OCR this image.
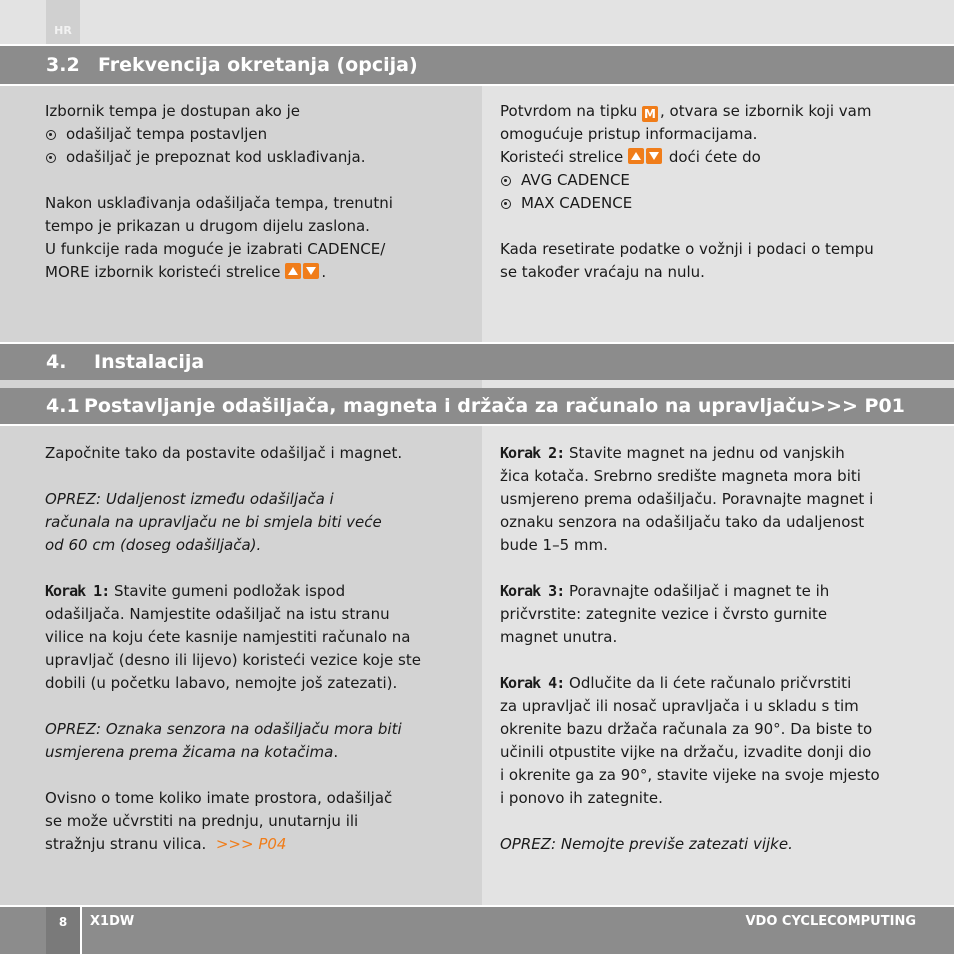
HR
3.2 Frekvencija okretanja (opcija)

Izbornik tempa je dostupan ako je

odašiljač tempa postavljen

odašiljač je prepoznat kod usklađivanja.

Nakon usklađivanja odašiljača tempa, trenutni

tempo je prikazan u drugom dijelu zaslona.

U funkcije rada moguće je izabrati CADENCE/

MORE izbornik koristeći strelice	.

Potvrdom na tipku M , otvara se izbornik koji vam

omogućuje pristup informacijama.

Koristeći strelice	doći ćete do

AVG CADENCE

MAX CADENCE

Kada resetirate podatke o vožnji i podaci o tempu

se također vraćaju na nulu.

4.	Instalacija
4.1 Postavljanje odašiljača, magneta i držača za računalo na upravljaču>>> P01

Započnite tako da postavite odašiljač i magnet.

OPREZ: Udaljenost između odašiljača i

računala na upravljaču ne bi smjela biti veće

od 60 cm (doseg odašiljača).

Korak 1: Stavite gumeni podložak ispod

odašiljača. Namjestite odašiljač na istu stranu

vilice na koju ćete kasnije namjestiti računalo na

upravljač (desno ili lijevo) koristeći vezice koje ste

dobili (u početku labavo, nemojte još zatezati).

OPREZ: Oznaka senzora na odašiljaču mora biti

usmjerena prema žicama na kotačima.

Ovisno o tome koliko imate prostora, odašiljač

se može učvrstiti na prednju, unutarnju ili

stražnju stranu vilica. >>> P04

Korak 2: Stavite magnet na jednu od vanjskih

žica kotača. Srebrno središte magneta mora biti

usmjereno prema odašiljaču. Poravnajte magnet i

oznaku senzora na odašiljaču tako da udaljenost

bude 1–5 mm.

Korak 3: Poravnajte odašiljač i magnet te ih

pričvrstite: zategnite vezice i čvrsto gurnite

magnet unutra.

Korak 4: Odlučite da li ćete računalo pričvrstiti

za upravljač ili nosač upravljača i u skladu s tim

okrenite bazu držača računala za 90°. Da biste to

učinili otpustite vijke na držaču, izvadite donji dio

i okrenite ga za 90°, stavite vijeke na svoje mjesto

i ponovo ih zategnite.

OPREZ: Nemojte previše zatezati vijke.

8	X1DW	VDO CYCLECOMPUTING
